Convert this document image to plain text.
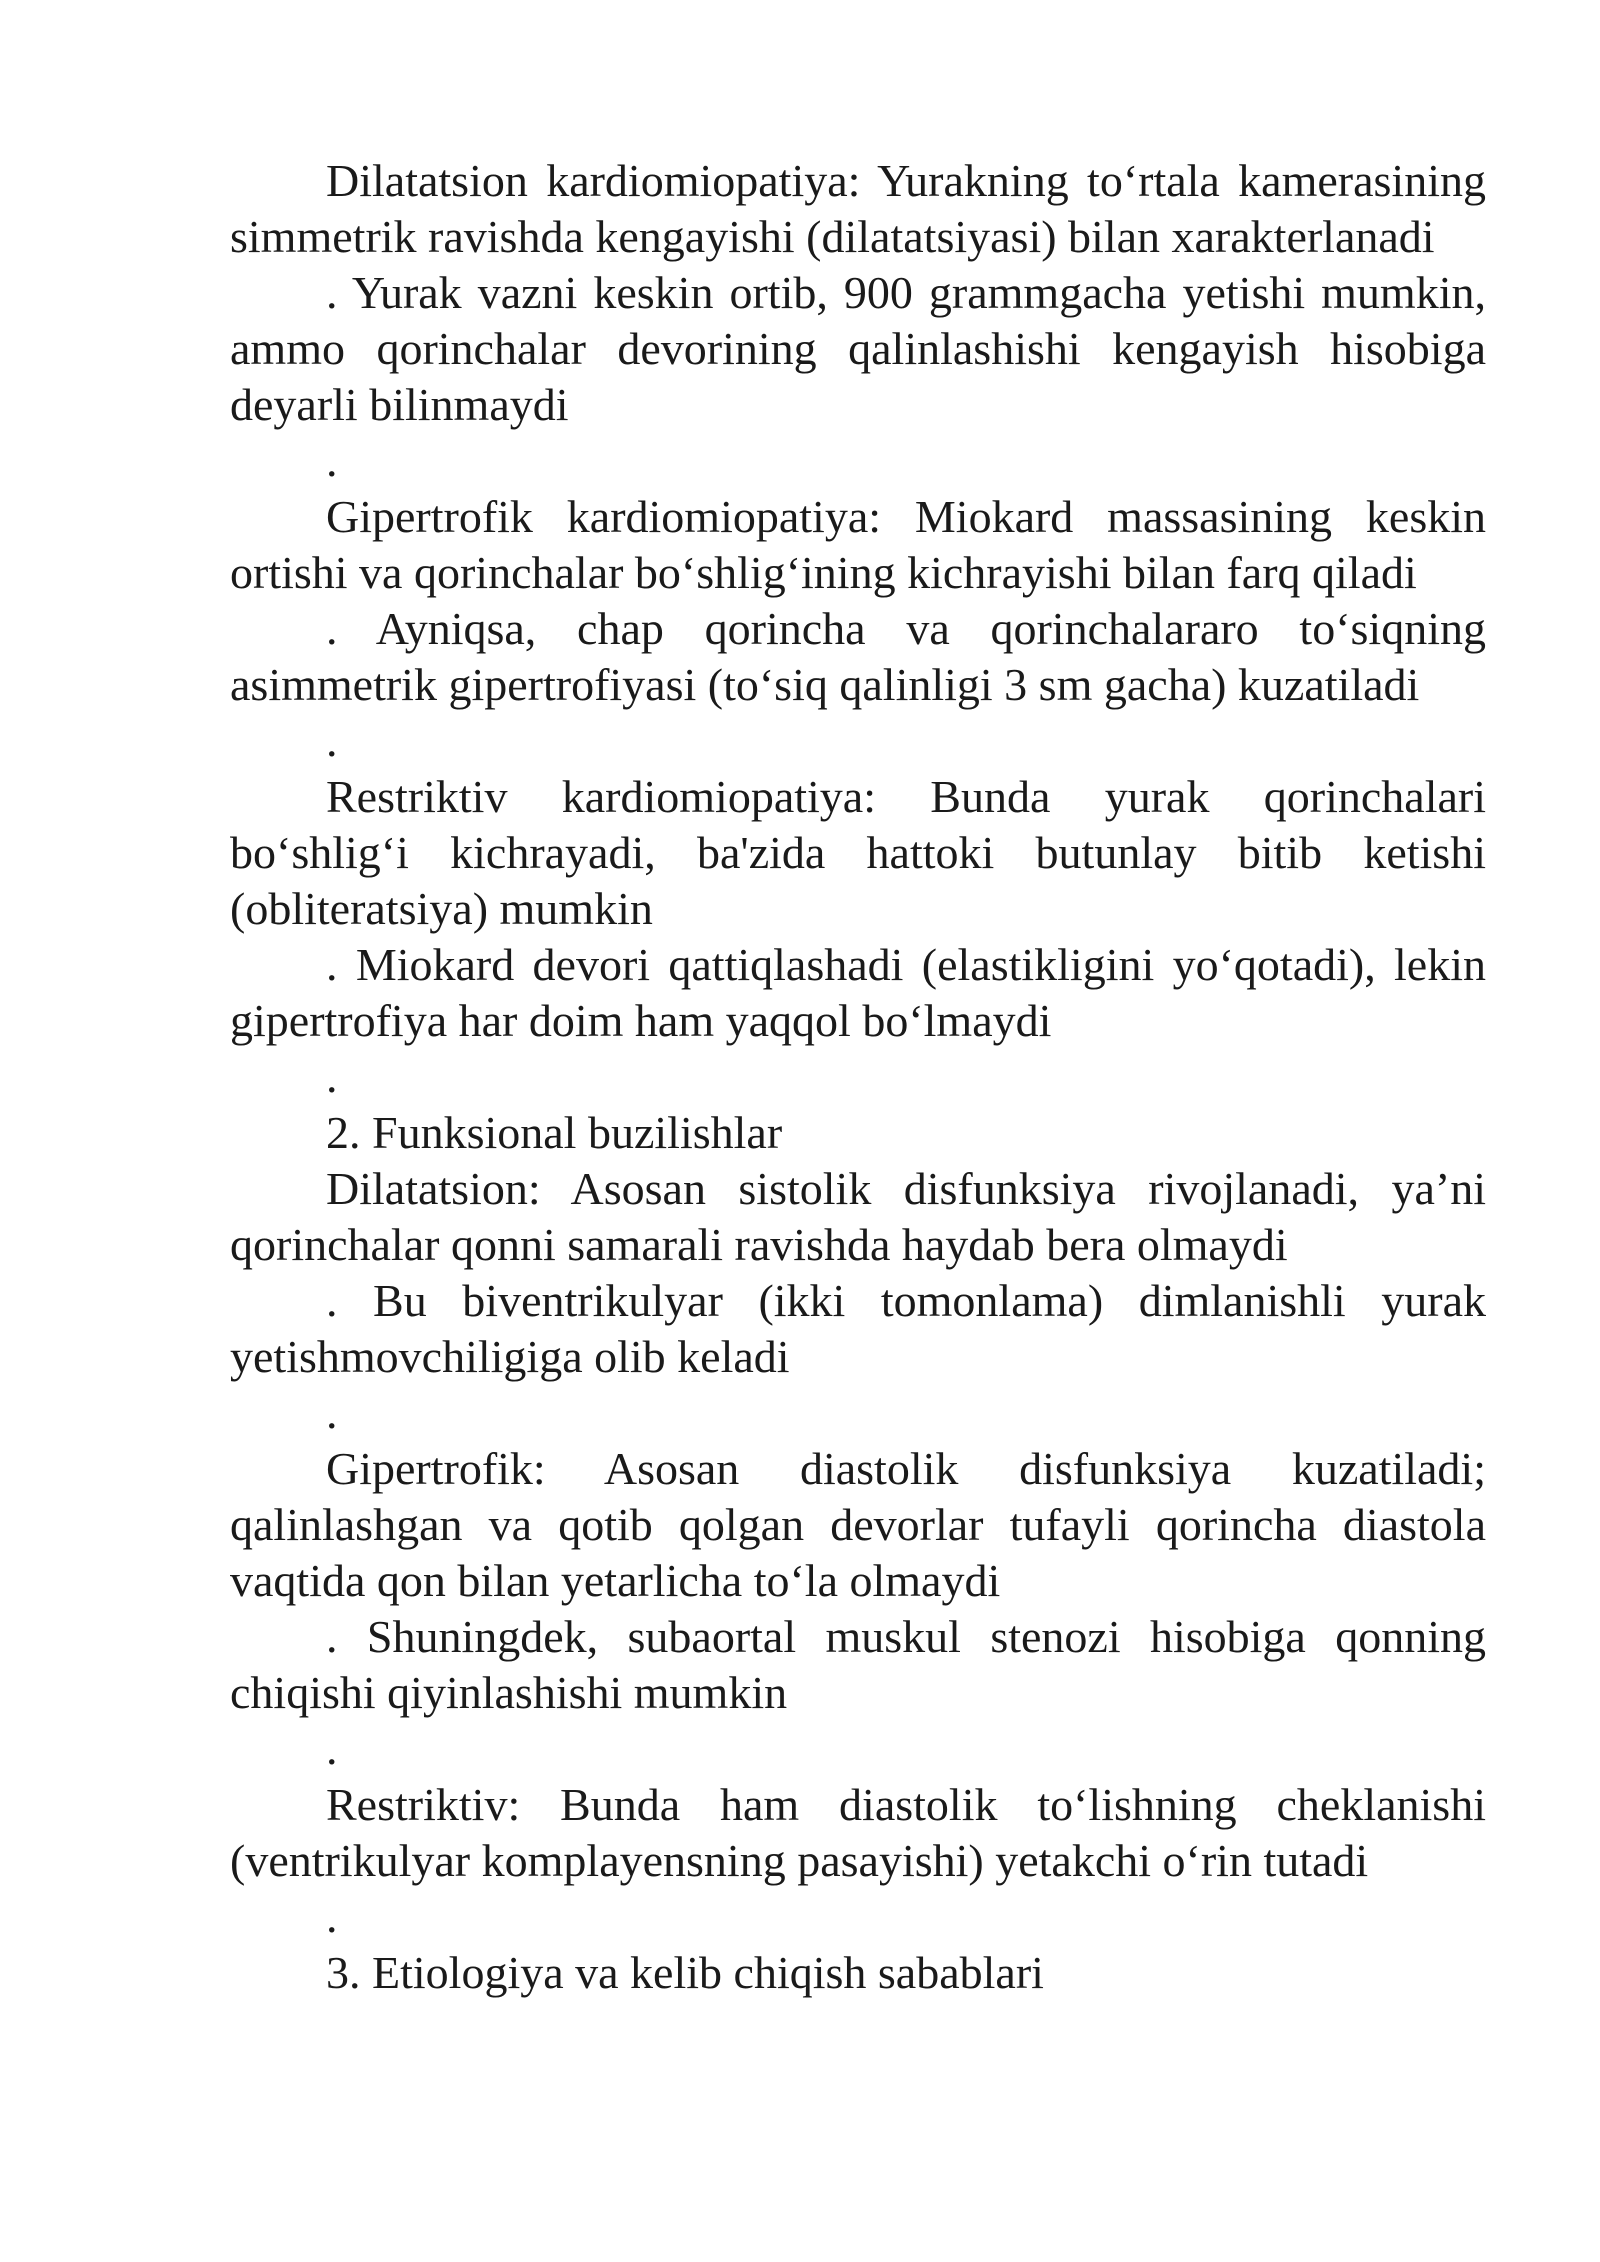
Dilatatsion kardiomiopatiya: Yurakning to‘rtala kamerasining simmetrik ravishda kengayishi (dilatatsiyasi) bilan xarakterlanadi

. Yurak vazni keskin ortib, 900 grammgacha yetishi mumkin, ammo qorinchalar devorining qalinlashishi kengayish hisobiga deyarli bilinmaydi

.

Gipertrofik kardiomiopatiya: Miokard massasining keskin ortishi va qorinchalar bo‘shlig‘ining kichrayishi bilan farq qiladi

. Ayniqsa, chap qorincha va qorinchalararo to‘siqning asimmetrik gipertrofiyasi (to‘siq qalinligi 3 sm gacha) kuzatiladi

.

Restriktiv kardiomiopatiya: Bunda yurak qorinchalari bo‘shlig‘i kichrayadi, ba'zida hattoki butunlay bitib ketishi (obliteratsiya) mumkin

. Miokard devori qattiqlashadi (elastikligini yo‘qotadi), lekin gipertrofiya har doim ham yaqqol bo‘lmaydi

.

2. Funksional buzilishlar

Dilatatsion: Asosan sistolik disfunksiya rivojlanadi, ya’ni qorinchalar qonni samarali ravishda haydab bera olmaydi

. Bu biventrikulyar (ikki tomonlama) dimlanishli yurak yetishmovchiligiga olib keladi

.

Gipertrofik: Asosan diastolik disfunksiya kuzatiladi; qalinlashgan va qotib qolgan devorlar tufayli qorincha diastola vaqtida qon bilan yetarlicha to‘la olmaydi

. Shuningdek, subaortal muskul stenozi hisobiga qonning chiqishi qiyinlashishi mumkin

.

Restriktiv: Bunda ham diastolik to‘lishning cheklanishi (ventrikulyar komplayensning pasayishi) yetakchi o‘rin tutadi

.

3. Etiologiya va kelib chiqish sabablari
